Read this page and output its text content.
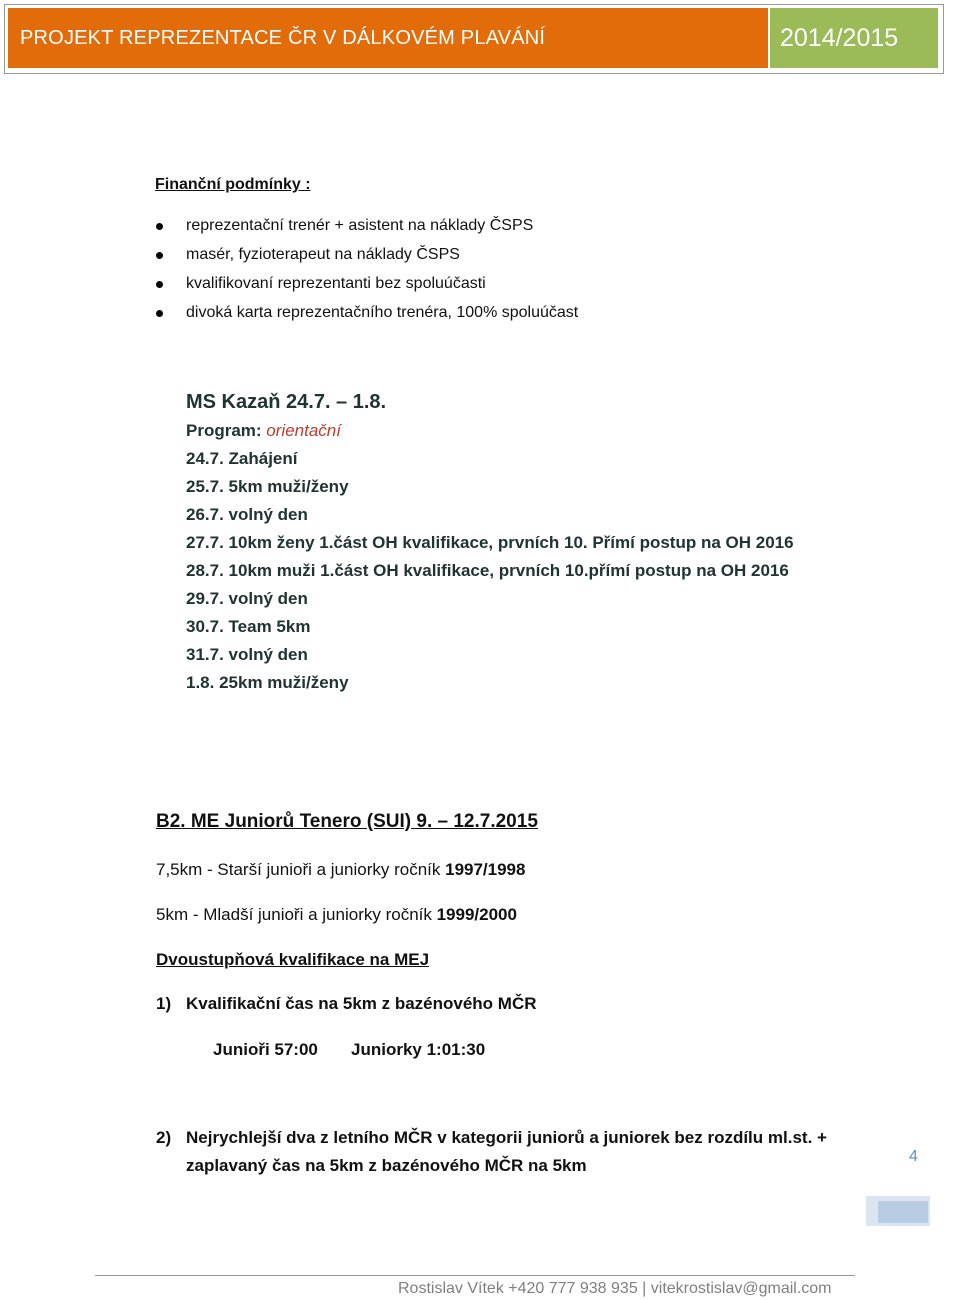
PROJEKT REPREZENTACE ČR V DÁLKOVÉM PLAVÁNÍ	2014/2015
Finanční podmínky :
reprezentační trenér + asistent na náklady ČSPS
masér, fyzioterapeut na náklady ČSPS
kvalifikovaní reprezentanti bez spoluúčasti
divoká karta reprezentačního trenéra, 100% spoluúčast
MS Kazaň 24.7. – 1.8.
Program: orientační
24.7. Zahájení
25.7. 5km muži/ženy
26.7. volný den
27.7. 10km ženy 1.část OH kvalifikace, prvních 10. Přímí postup na OH 2016
28.7. 10km muži 1.část OH kvalifikace, prvních 10.přímí postup na OH 2016
29.7. volný den
30.7. Team 5km
31.7. volný den
1.8. 25km muži/ženy
B2. ME Juniorů Tenero (SUI) 9. – 12.7.2015
7,5km - Starší junioři a juniorky ročník 1997/1998
5km - Mladší junioři a juniorky ročník 1999/2000
Dvoustupňová kvalifikace na MEJ
1) Kvalifikační čas na 5km z bazénového MČR
Junioři 57:00 Juniorky 1:01:30
2) Nejrychlejší dva z letního MČR v kategorii juniorů a juniorek bez rozdílu ml.st. +
zaplavaný čas na 5km z bazénového MČR na 5km	4
Rostislav Vítek +420 777 938 935 | vitekrostislav@gmail.com
